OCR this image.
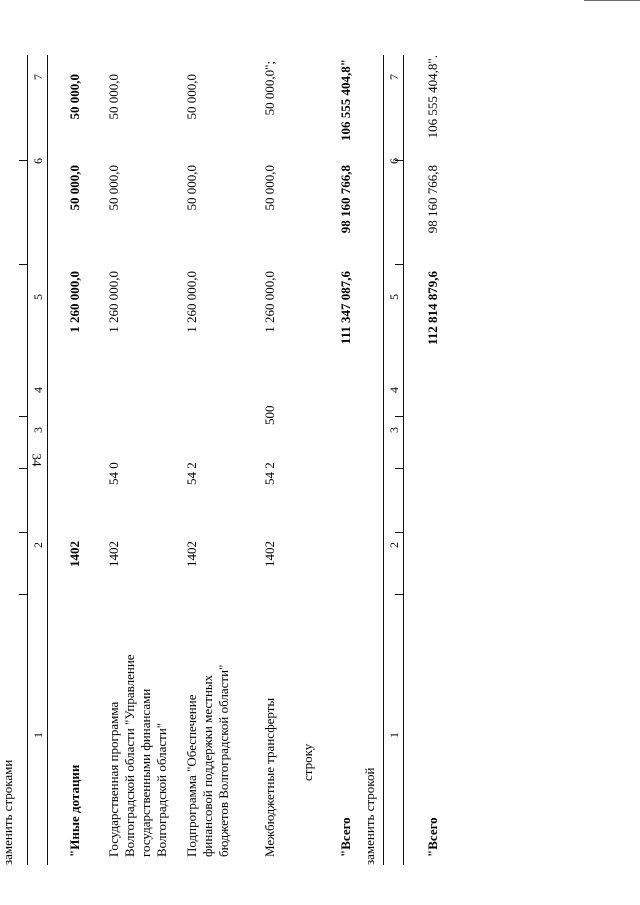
34
заменить строками
1
2
3
4
5
6
7
"Иные дотации
1402
1 260 000,0
50 000,0
50 000,0
Государственная программа Волгоградской области "Управление государственными финансами Волгоградской области"
1402
54 0
1 260 000,0
50 000,0
50 000,0
Подпрограмма "Обеспечение финансовой поддержки местных бюджетов Волгоградской области"
1402
54 2
1 260 000,0
50 000,0
50 000,0
Межбюджетные трансферты
1402
54 2
500
1 260 000,0
50 000,0
50 000,0";
строку
"Всего
111 347 087,6
98 160 766,8
106 555 404,8"
заменить строкой
1
2
3
4
5
6
7
"Всего
112 814 879,6
98 160 766,8
106 555 404,8".
